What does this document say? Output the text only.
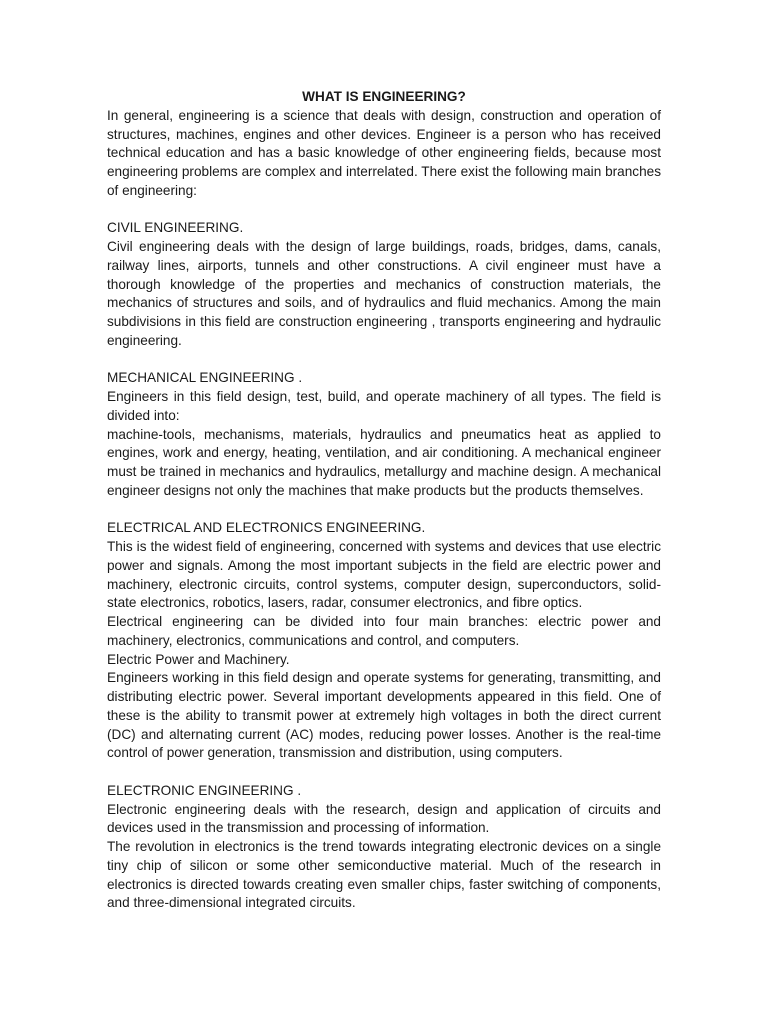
WHAT IS ENGINEERING?

In general, engineering is a science that deals with design, construction and operation of structures, machines, engines and other devices. Engineer is a person who has received technical education and has a basic knowledge of other engineering fields, because most engineering problems are complex and interrelated. There exist the following main branches of engineering:

CIVIL ENGINEERING.

Civil engineering deals with the design of large buildings, roads, bridges, dams, canals, railway lines, airports, tunnels and other constructions. A civil engineer must have a thorough knowledge of the properties and mechanics of construction materials, the mechanics of structures and soils, and of hydraulics and fluid mechanics. Among the main subdivisions in this field are construction engineering , transports engineering and hydraulic engineering.

MECHANICAL ENGINEERING .

Engineers in this field design, test, build, and operate machinery of all types. The field is divided into:

machine-tools, mechanisms, materials, hydraulics and pneumatics heat as applied to engines, work and energy, heating, ventilation, and air conditioning. A mechanical engineer must be trained in mechanics and hydraulics, metallurgy and machine design. A mechanical engineer designs not only the machines that make products but the products themselves.

ELECTRICAL AND ELECTRONICS ENGINEERING.

This is the widest field of engineering, concerned with systems and devices that use electric power and signals. Among the most important subjects in the field are electric power and machinery, electronic circuits, control systems, computer design, superconductors, solid-state electronics, robotics, lasers, radar, consumer electronics, and fibre optics.

Electrical engineering can be divided into four main branches: electric power and machinery, electronics, communications and control, and computers.

Electric Power and Machinery.

Engineers working in this field design and operate systems for generating, transmitting, and distributing electric power. Several important developments appeared in this field. One of these is the ability to transmit power at extremely high voltages in both the direct current (DC) and alternating current (AC) modes, reducing power losses. Another is the real-time control of power generation, transmission and distribution, using computers.

ELECTRONIC ENGINEERING .

Electronic engineering deals with the research, design and application of circuits and devices used in the transmission and processing of information.

The revolution in electronics is the trend towards integrating electronic devices on a single tiny chip of silicon or some other semiconductive material. Much of the research in electronics is directed towards creating even smaller chips, faster switching of components, and three-dimensional integrated circuits.
